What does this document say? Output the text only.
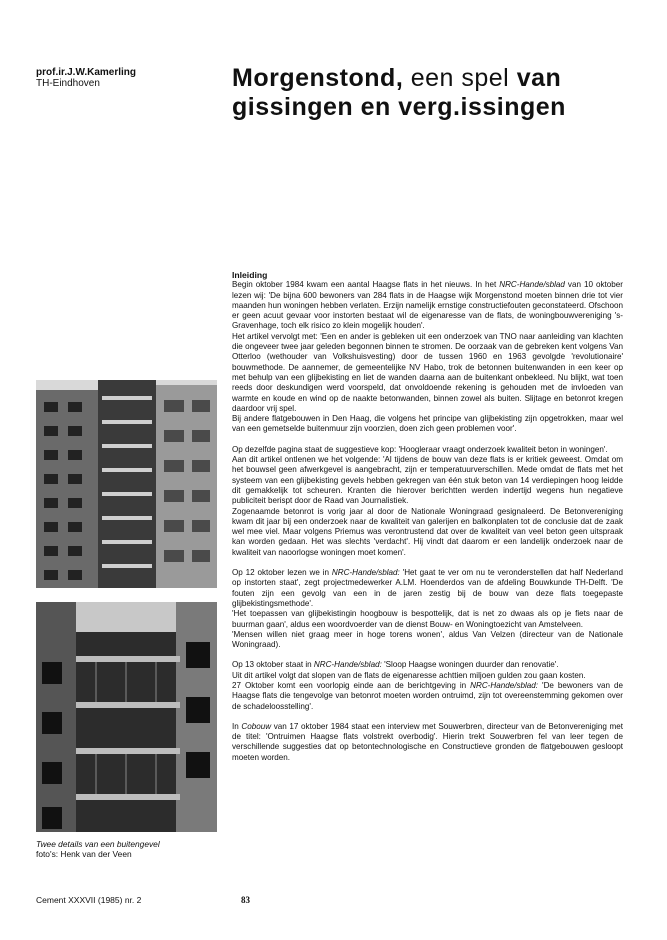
prof.ir.J.W.Kamerling
TH-Eindhoven	Morgenstond, een spel van
gissingen en verg.issingen
Twee details van een buitengevel
foto's: Henk van der Veen

Inleiding

Begin oktober 1984 kwam een aantal Haagse flats in het nieuws. In het NRC-Hande/sblad van 10 oktober lezen wij: 'De bijna 600 bewoners van 284 flats in de Haagse wijk Morgenstond moeten binnen drie tot vier maanden hun woningen hebben verlaten. Erzijn namelijk ernstige constructiefouten geconstateerd. Ofschoon er geen acuut gevaar voor instorten bestaat wil de eigenaresse van de flats, de woningbouwvereniging 's-Gravenhage, toch elk risico zo klein mogelijk houden'.

Het artikel vervolgt met: 'Een en ander is gebleken uit een onderzoek van TNO naar aanleiding van klachten die ongeveer twee jaar geleden begonnen binnen te stromen. De oorzaak van de gebreken kent volgens Van Otterloo (wethouder van Volkshuisvesting) door de tussen 1960 en 1963 gevolgde 'revolutionaire' bouwmethode. De aannemer, de gemeentelijke NV Habo, trok de betonnen buitenwanden in een keer op met behulp van een glijbekisting en liet de wanden daarna aan de buitenkant onbekleed. Nu blijkt, wat toen reeds door deskundigen werd voorspeld, dat onvoldoende rekening is gehouden met de invloeden van warmte en koude en wind op de naakte betonwanden, binnen zowel als buiten. Slijtage en betonrot kregen daardoor vrij spel.

Bij andere flatgebouwen in Den Haag, die volgens het principe van glijbekisting zijn opgetrokken, maar wel van een gemetselde buitenmuur zijn voorzien, doen zich geen problemen voor'.

Op dezelfde pagina staat de suggestieve kop: 'Hoogleraar vraagt onderzoek kwaliteit beton in woningen'.

Aan dit artikel ontlenen we het volgende: 'Al tijdens de bouw van deze flats is er kritiek geweest. Omdat om het bouwsel geen afwerkgevel is aangebracht, zijn er temperatuurverschillen. Mede omdat de flats met het systeem van een glijbekisting gevels hebben gekregen van één stuk beton van 14 verdiepingen hoog leidde dit gemakkelijk tot scheuren. Kranten die hierover berichtten werden indertijd wegens hun negatieve publiciteit berispt door de Raad van Journalistiek.

Zogenaamde betonrot is vorig jaar al door de Nationale Woningraad gesignaleerd. De Betonvereniging kwam dit jaar bij een onderzoek naar de kwaliteit van galerijen en balkonplaten tot de conclusie dat de zaak wel mee viel. Maar volgens Priemus was verontrustend dat over de kwaliteit van veel beton geen uitspraak kan worden gedaan. Het was slechts 'verdacht'. Hij vindt dat daarom er een landelijk onderzoek naar de kwaliteit van naoorlogse woningen moet komen'.

Op 12 oktober lezen we in NRC-Hande/sblad: 'Het gaat te ver om nu te veronderstellen dat half Nederland op instorten staat', zegt projectmedewerker A.LM. Hoenderdos van de afdeling Bouwkunde TH-Delft. 'De fouten zijn een gevolg van een in de jaren zestig bij de bouw van deze flats toegepaste glijbekistingsmethode'.

'Het toepassen van glijbekistingin hoogbouw is bespottelijk, dat is net zo dwaas als op je fiets naar de buurman gaan', aldus een woordvoerder van de dienst Bouw- en Woningtoezicht van Amstelveen.

'Mensen willen niet graag meer in hoge torens wonen', aldus Van Velzen (directeur van de Nationale Woningraad).

Op 13 oktober staat in NRC-Hande/sblad: 'Sloop Haagse woningen duurder dan renovatie'.

Uit dit artikel volgt dat slopen van de flats de eigenaresse achttien miljoen gulden zou gaan kosten.

27 Oktober komt een voorlopig einde aan de berichtgeving in NRC-Hande/sblad: 'De bewoners van de Haagse flats die tengevolge van betonrot moeten worden ontruimd, zijn tot overeenstemming gekomen over de schadeloosstelling'.

In Cobouw van 17 oktober 1984 staat een interview met Souwerbren, directeur van de Betonvereniging met de titel: 'Ontruimen Haagse flats volstrekt overbodig'. Hierin trekt Souwerbren fel van leer tegen de verschillende suggesties dat op betontechnologische en Constructieve gronden de flatgebouwen gesloopt moeten worden.

Cement XXXVII (1985) nr. 2	83
